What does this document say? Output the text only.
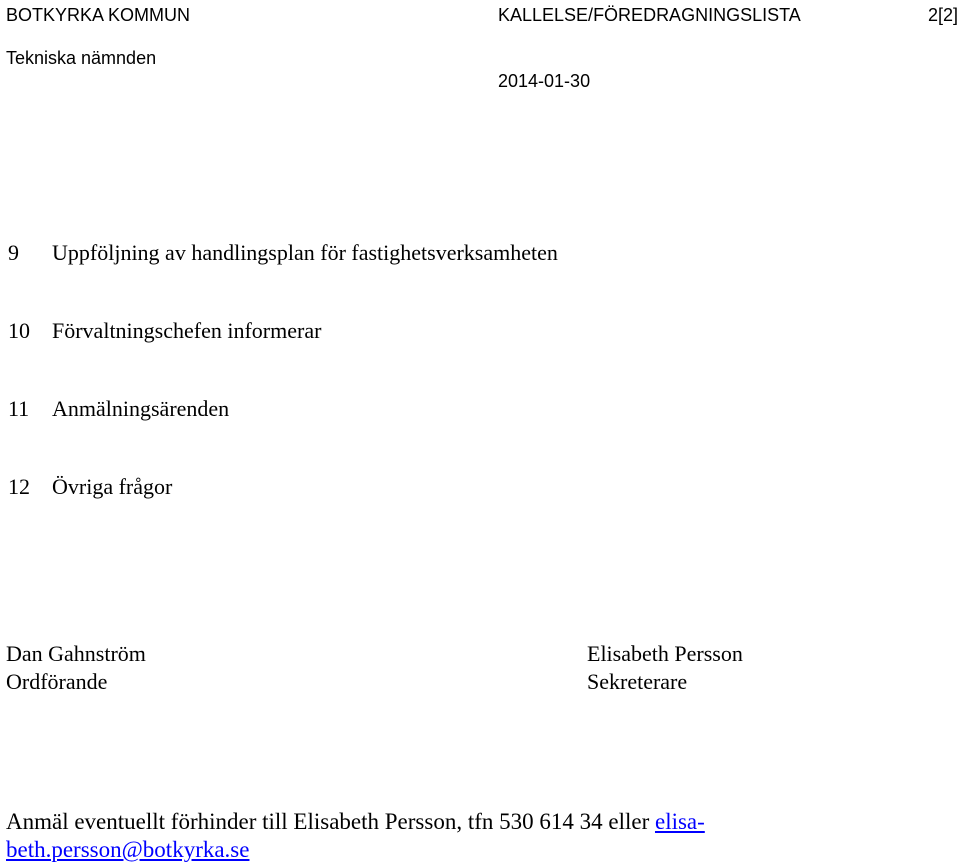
BOTKYRKA KOMMUN	KALLELSE/FÖREDRAGNINGSLISTA	2[2]
Tekniska nämnden
2014-01-30
9 Uppföljning av handlingsplan för fastighetsverksamheten
10 Förvaltningschefen informerar
11 Anmälningsärenden
12 Övriga frågor
Dan Gahnström
Ordförande
Elisabeth Persson
Sekreterare
Anmäl eventuellt förhinder till Elisabeth Persson, tfn 530 614 34 eller elisa-
beth.persson@botkyrka.se
